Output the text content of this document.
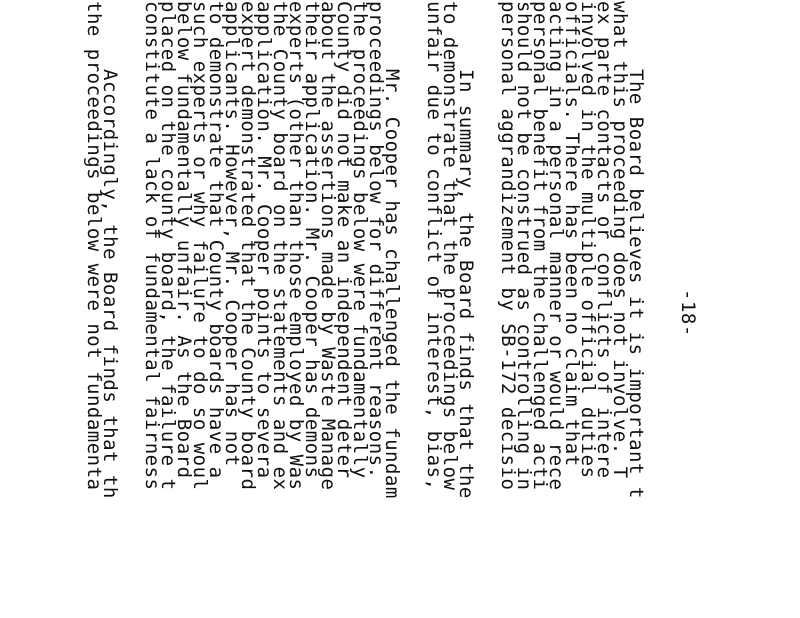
-18-
The Board believes it is important t
what this proceeding does not involve. T
ex parte contacts or conflicts of intere
involved in the multiple official duties
officials. There has been no claim that
acting in a personal manner or would rece
personal benefit from the challenged acti
should not be construed as controlling in
personal aggrandizement by SB-172 decisio
In summary, the Board finds that the
to demonstrate that the proceedings below
unfair due to conflict of interest, bias,
Mr. Cooper has challenged the fundam
proceedings below for different reasons.
the proceedings below were fundamentally
County did not make an independent deter
about the assertions made by Waste Manage
their application. Mr. Cooper has demons
experts (other than those employed by Was
the County board on the statements and ex
application. Mr. Cooper points to severa
expert demonstrated that the County board
applicants. However, Mr. Cooper has not
to demonstrate that County boards have a
such experts or why failure to do so woul
below fundamentally unfair. As the Board
placed on the county board, the failure t
constitute a lack of fundamental fairness
Accordingly, the Board finds that th
the proceedings below were not fundamenta
